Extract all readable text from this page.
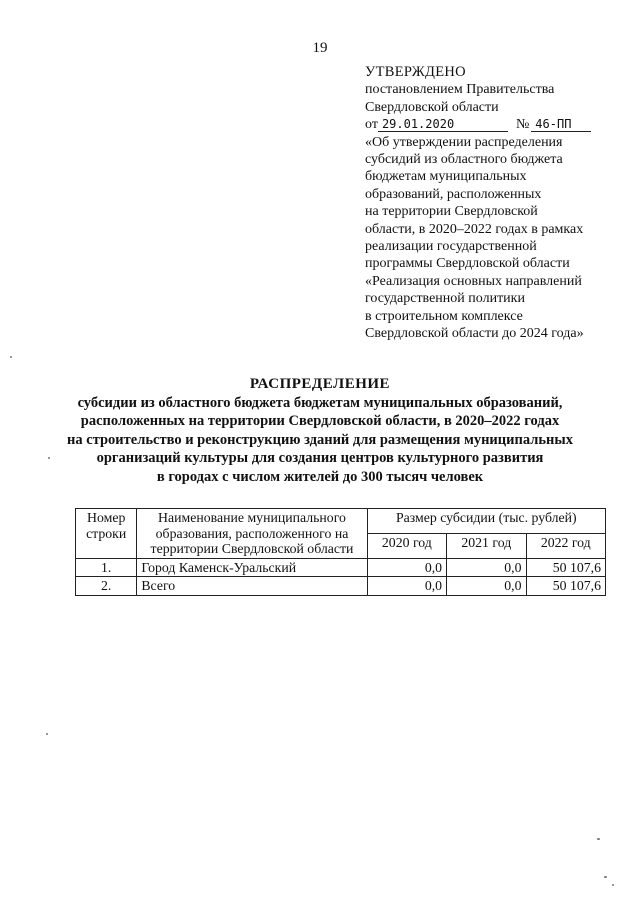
19
УТВЕРЖДЕНО
постановлением Правительства
Свердловской области
от 29.01.2020	№ 46-ПП
«Об утверждении распределения
субсидий из областного бюджета
бюджетам муниципальных
образований, расположенных
на территории Свердловской
области, в 2020–2022 годах в рамках
реализации государственной
программы Свердловской области
«Реализация основных направлений
государственной политики
в строительном комплексе
Свердловской области до 2024 года»
РАСПРЕДЕЛЕНИЕ
субсидии из областного бюджета бюджетам муниципальных образований,
расположенных на территории Свердловской области, в 2020–2022 годах
на строительство и реконструкцию зданий для размещения муниципальных
организаций культуры для создания центров культурного развития
в городах с числом жителей до 300 тысяч человек
Номер строки	Наименование муниципального образования, расположенного на территории Свердловской области	Размер субсидии (тыс. рублей)		
		2020 год	2021 год	2022 год
1.	Город Каменск-Уральский	0,0	0,0	50 107,6
2.	Всего	0,0	0,0	50 107,6
